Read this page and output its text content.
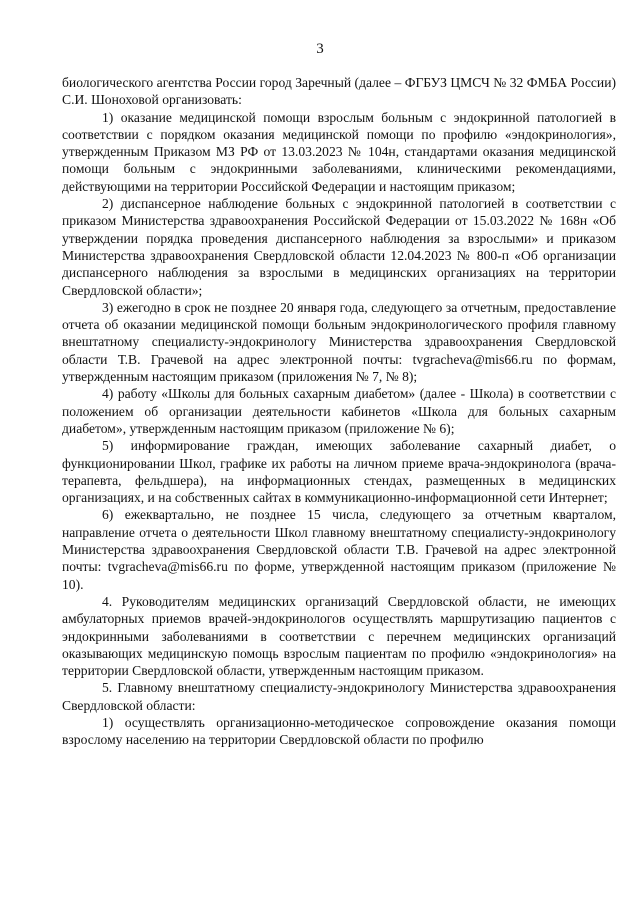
3

биологического агентства России город Заречный (далее – ФГБУЗ ЦМСЧ № 32 ФМБА России) С.И. Шоноховой организовать:

1) оказание медицинской помощи взрослым больным с эндокринной патологией в соответствии с порядком оказания медицинской помощи по профилю «эндокринология», утвержденным Приказом МЗ РФ от 13.03.2023 № 104н, стандартами оказания медицинской помощи больным с эндокринными заболеваниями, клиническими рекомендациями, действующими на территории Российской Федерации и настоящим приказом;

2) диспансерное наблюдение больных с эндокринной патологией в соответствии с приказом Министерства здравоохранения Российской Федерации от 15.03.2022 № 168н «Об утверждении порядка проведения диспансерного наблюдения за взрослыми» и приказом Министерства здравоохранения Свердловской области 12.04.2023 № 800-п «Об организации диспансерного наблюдения за взрослыми в медицинских организациях на территории Свердловской области»;

3) ежегодно в срок не позднее 20 января года, следующего за отчетным, предоставление отчета об оказании медицинской помощи больным эндокринологического профиля главному внештатному специалисту-эндокринологу Министерства здравоохранения Свердловской области Т.В. Грачевой на адрес электронной почты: tvgracheva@mis66.ru по формам, утвержденным настоящим приказом (приложения № 7, № 8);

4) работу «Школы для больных сахарным диабетом» (далее - Школа) в соответствии с положением об организации деятельности кабинетов «Школа для больных сахарным диабетом», утвержденным настоящим приказом (приложение № 6);

5) информирование граждан, имеющих заболевание сахарный диабет, о функционировании Школ, графике их работы на личном приеме врача-эндокринолога (врача-терапевта, фельдшера), на информационных стендах, размещенных в медицинских организациях, и на собственных сайтах в коммуникационно-информационной сети Интернет;

6) ежеквартально, не позднее 15 числа, следующего за отчетным кварталом, направление отчета о деятельности Школ главному внештатному специалисту-эндокринологу Министерства здравоохранения Свердловской области Т.В. Грачевой на адрес электронной почты: tvgracheva@mis66.ru по форме, утвержденной настоящим приказом (приложение № 10).

4. Руководителям медицинских организаций Свердловской области, не имеющих амбулаторных приемов врачей-эндокринологов осуществлять маршрутизацию пациентов с эндокринными заболеваниями в соответствии с перечнем медицинских организаций оказывающих медицинскую помощь взрослым пациентам по профилю «эндокринология» на территории Свердловской области, утвержденным настоящим приказом.

5. Главному внештатному специалисту-эндокринологу Министерства здравоохранения Свердловской области:

1) осуществлять организационно-методическое сопровождение оказания помощи взрослому населению на территории Свердловской области по профилю
